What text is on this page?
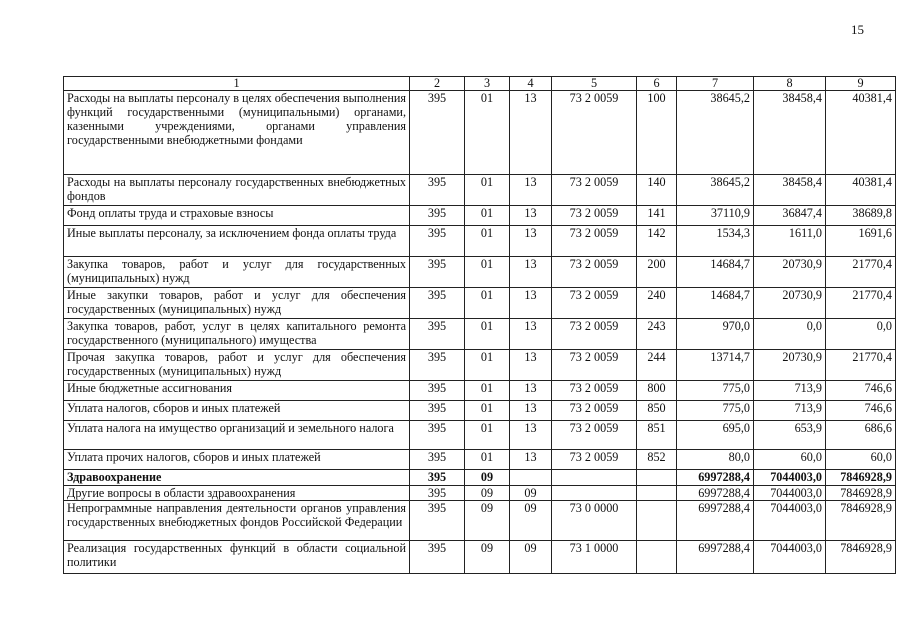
15
1	2	3	4	5	6	7	8	9
Расходы на выплаты персоналу в целях обеспечения выполнения функций государственными (муниципальными) органами, казенными учреждениями, органами управления государственными внебюджетными фондами	395	01	13	73 2 0059	100	38645,2	38458,4	40381,4
Расходы на выплаты персоналу государственных внебюджетных фондов	395	01	13	73 2 0059	140	38645,2	38458,4	40381,4
Фонд оплаты труда и страховые взносы	395	01	13	73 2 0059	141	37110,9	36847,4	38689,8
Иные выплаты персоналу, за исключением фонда оплаты труда	395	01	13	73 2 0059	142	1534,3	1611,0	1691,6
Закупка товаров, работ и услуг для государственных (муниципальных) нужд	395	01	13	73 2 0059	200	14684,7	20730,9	21770,4
Иные закупки товаров, работ и услуг для обеспечения государственных (муниципальных) нужд	395	01	13	73 2 0059	240	14684,7	20730,9	21770,4
Закупка товаров, работ, услуг в целях капитального ремонта государственного (муниципального) имущества	395	01	13	73 2 0059	243	970,0	0,0	0,0
Прочая закупка товаров, работ и услуг для обеспечения государственных (муниципальных) нужд	395	01	13	73 2 0059	244	13714,7	20730,9	21770,4
Иные бюджетные ассигнования	395	01	13	73 2 0059	800	775,0	713,9	746,6
Уплата налогов, сборов и иных платежей	395	01	13	73 2 0059	850	775,0	713,9	746,6
Уплата налога на имущество организаций и земельного налога	395	01	13	73 2 0059	851	695,0	653,9	686,6
Уплата прочих налогов, сборов и иных платежей	395	01	13	73 2 0059	852	80,0	60,0	60,0
Здравоохранение	395	09				6997288,4	7044003,0	7846928,9
Другие вопросы в области здравоохранения	395	09	09			6997288,4	7044003,0	7846928,9
Непрограммные направления деятельности органов управления государственных внебюджетных фондов Российской Федерации	395	09	09	73 0 0000		6997288,4	7044003,0	7846928,9
Реализация государственных функций в области социальной политики	395	09	09	73 1 0000		6997288,4	7044003,0	7846928,9
